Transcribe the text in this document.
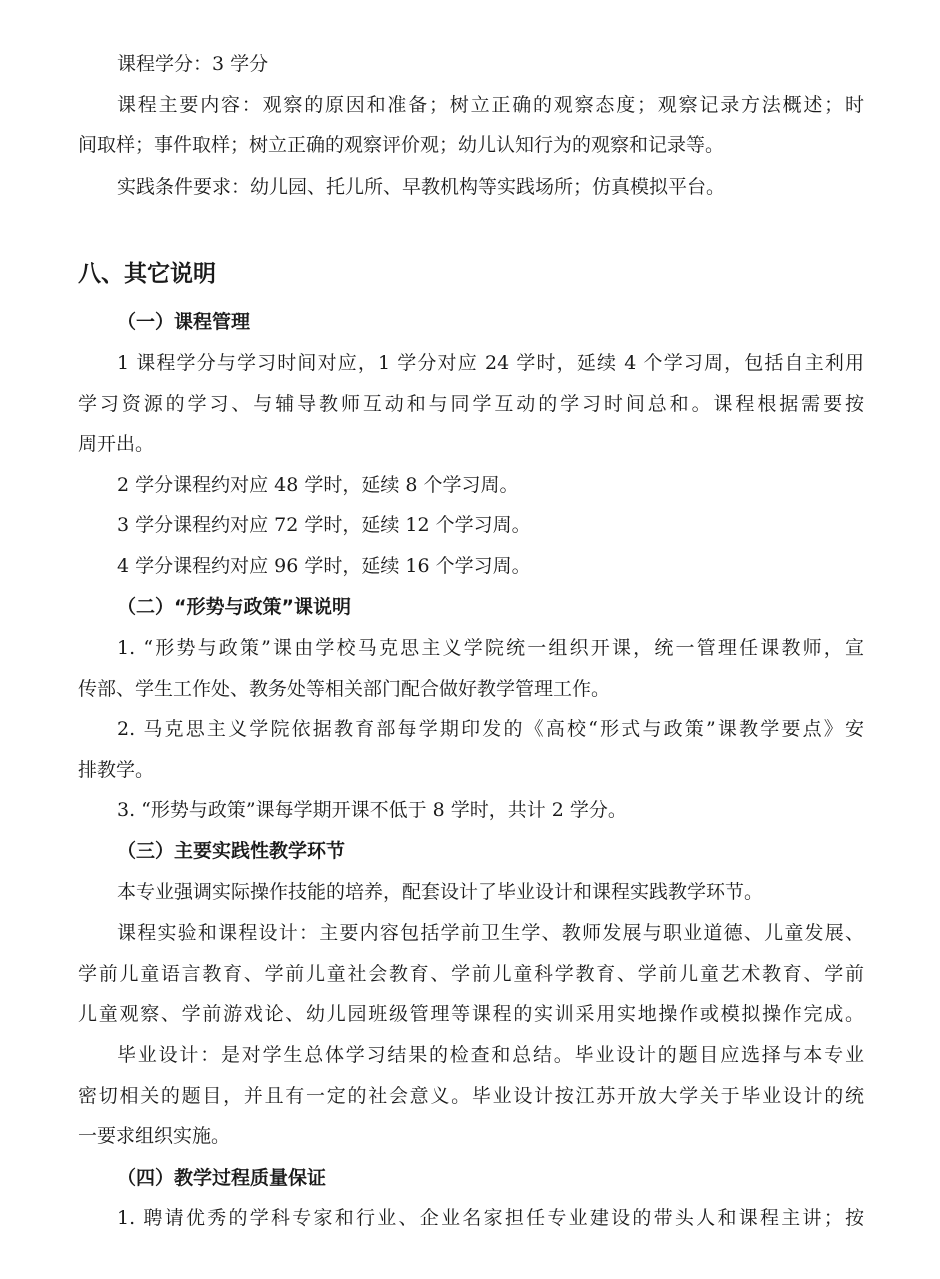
课程学分：3 学分
课程主要内容：观察的原因和准备；树立正确的观察态度；观察记录方法概述；时
间取样；事件取样；树立正确的观察评价观；幼儿认知行为的观察和记录等。
实践条件要求：幼儿园、托儿所、早教机构等实践场所；仿真模拟平台。
八、其它说明
（一）课程管理
1 课程学分与学习时间对应，1 学分对应 24 学时，延续 4 个学习周，包括自主利用
学习资源的学习、与辅导教师互动和与同学互动的学习时间总和。课程根据需要按
周开出。
2 学分课程约对应 48 学时，延续 8 个学习周。
3 学分课程约对应 72 学时，延续 12 个学习周。
4 学分课程约对应 96 学时，延续 16 个学习周。
（二）“形势与政策”课说明
1. “形势与政策”课由学校马克思主义学院统一组织开课，统一管理任课教师，宣
传部、学生工作处、教务处等相关部门配合做好教学管理工作。
2. 马克思主义学院依据教育部每学期印发的《高校“形式与政策”课教学要点》安
排教学。
3. “形势与政策”课每学期开课不低于 8 学时，共计 2 学分。
（三）主要实践性教学环节
本专业强调实际操作技能的培养，配套设计了毕业设计和课程实践教学环节。
课程实验和课程设计：主要内容包括学前卫生学、教师发展与职业道德、儿童发展、
学前儿童语言教育、学前儿童社会教育、学前儿童科学教育、学前儿童艺术教育、学前
儿童观察、学前游戏论、幼儿园班级管理等课程的实训采用实地操作或模拟操作完成。
毕业设计：是对学生总体学习结果的检查和总结。毕业设计的题目应选择与本专业
密切相关的题目，并且有一定的社会意义。毕业设计按江苏开放大学关于毕业设计的统
一要求组织实施。
（四）教学过程质量保证
1. 聘请优秀的学科专家和行业、企业名家担任专业建设的带头人和课程主讲；按
